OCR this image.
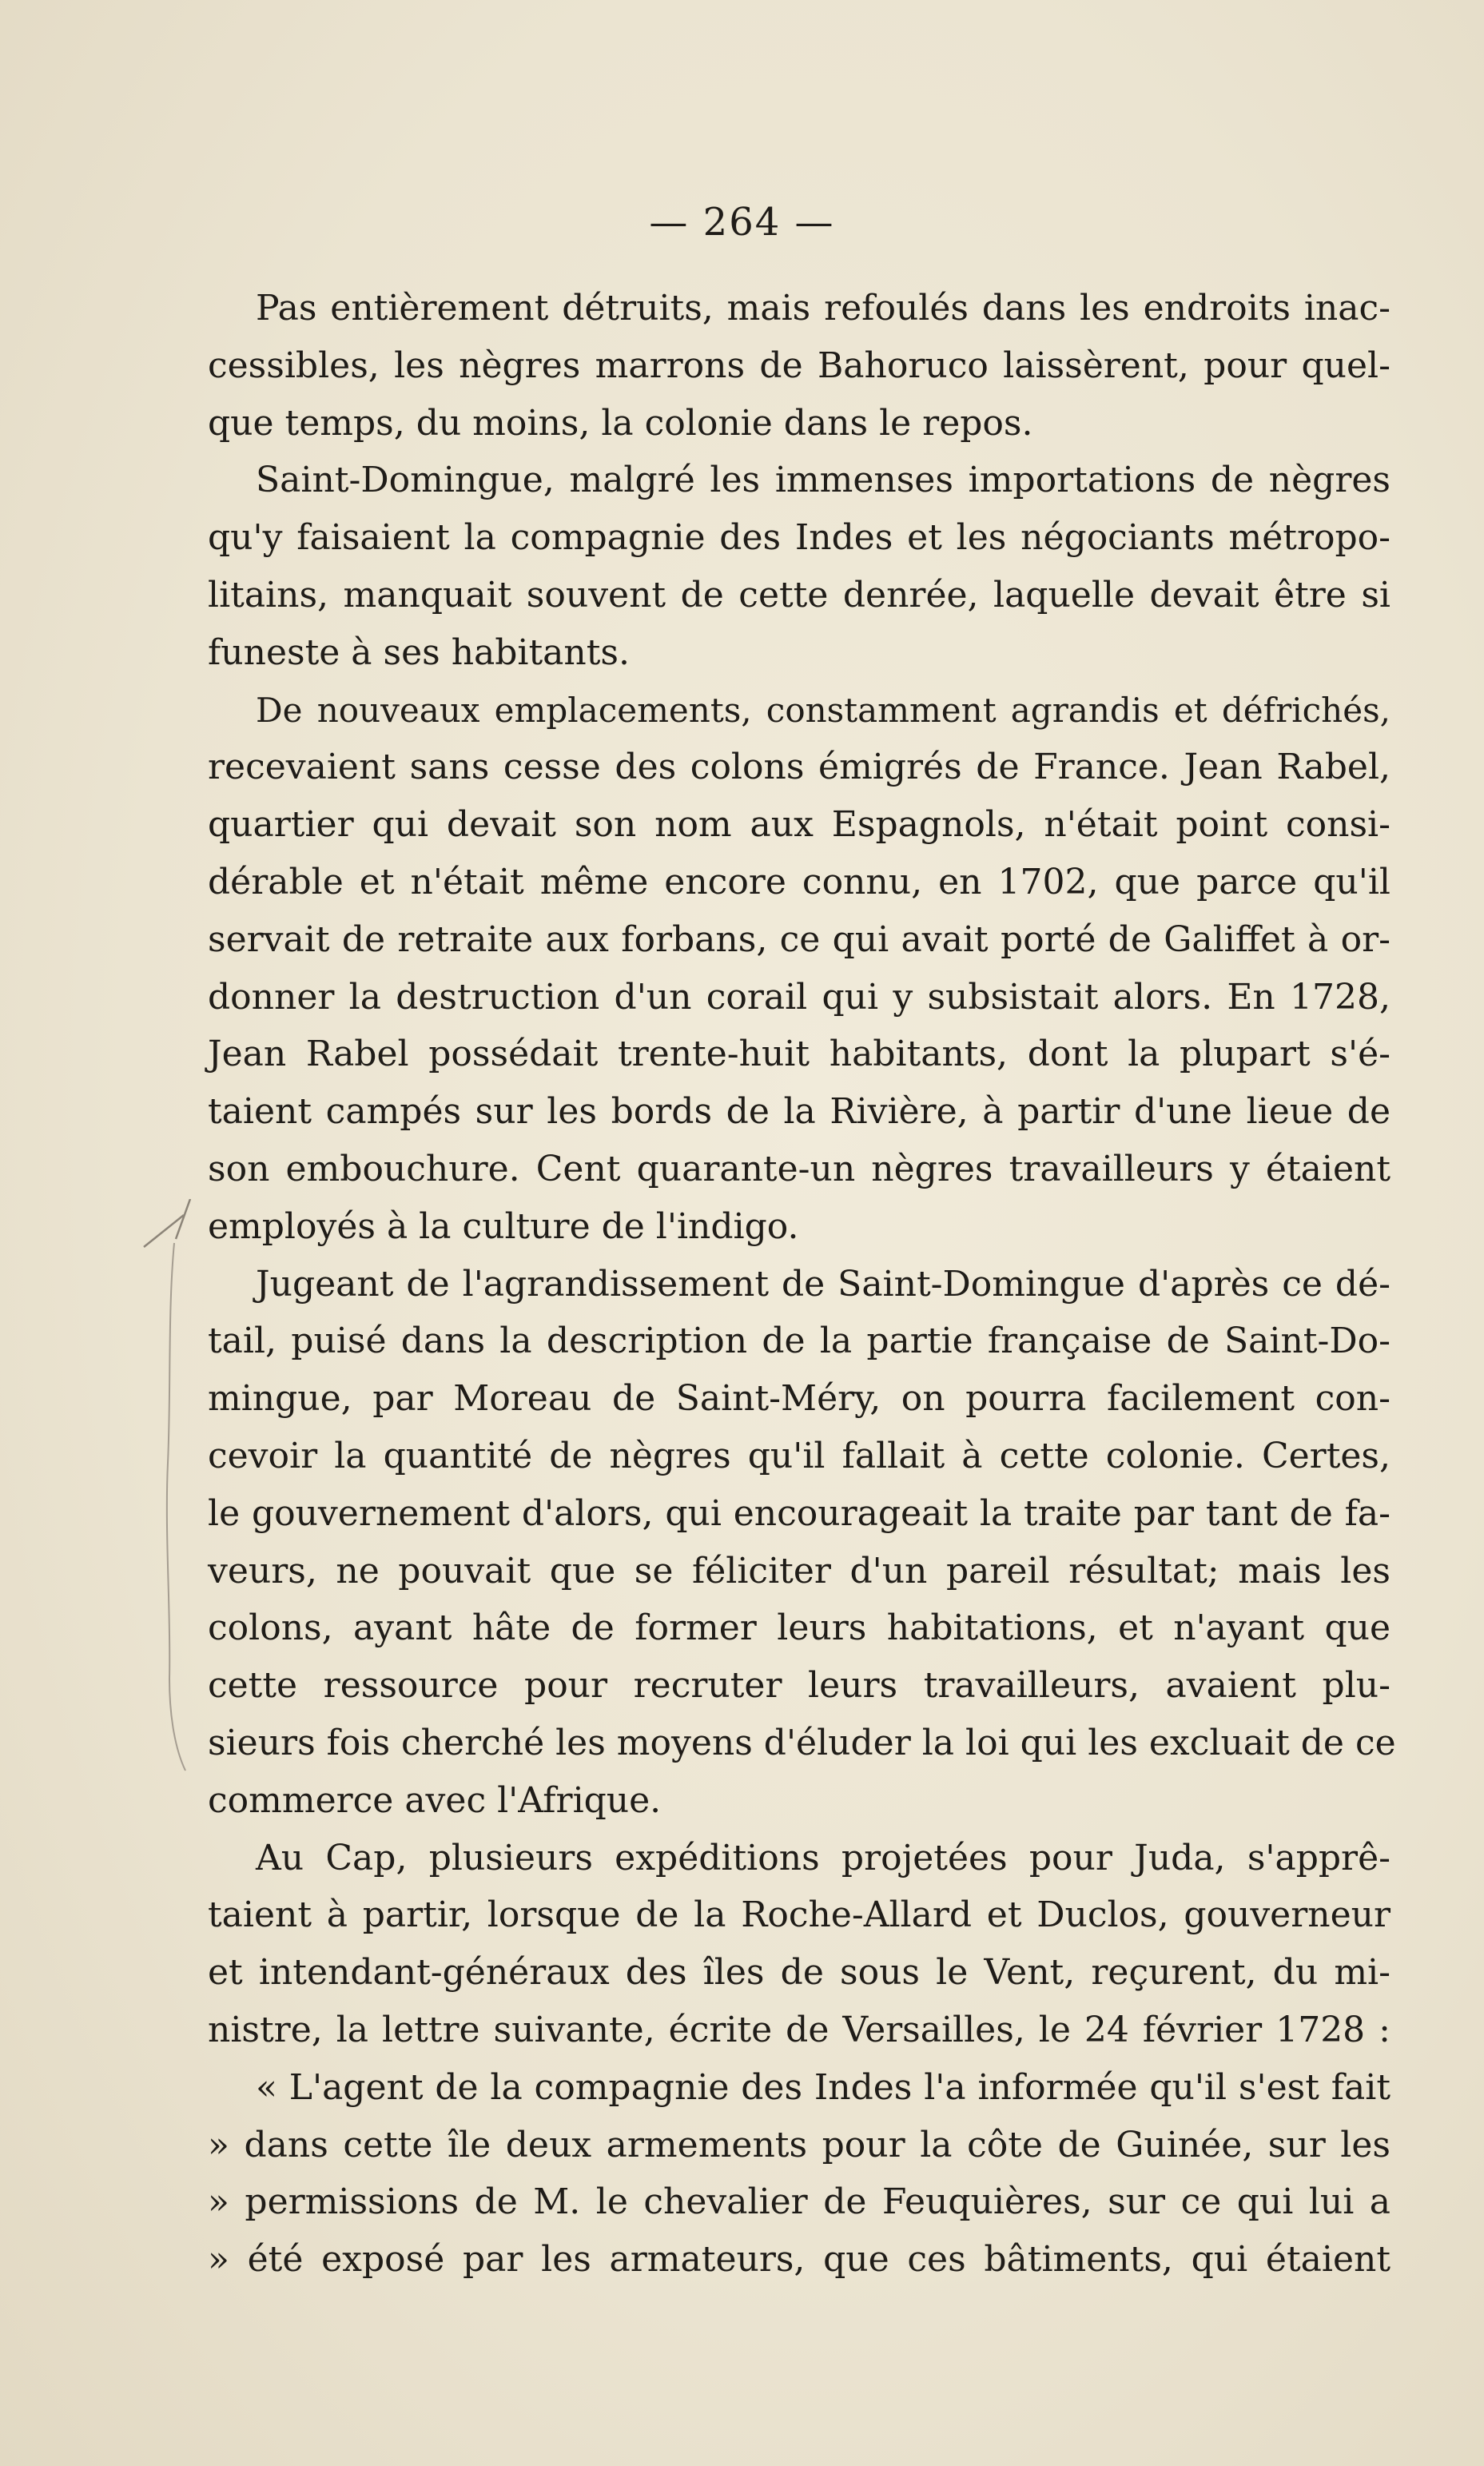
— 264 —
Pas entièrement détruits, mais refoulés dans les endroits inac-
cessibles, les nègres marrons de Bahoruco laissèrent, pour quel-
que temps, du moins, la colonie dans le repos.
Saint-Domingue, malgré les immenses importations de nègres
qu'y faisaient la compagnie des Indes et les négociants métropo-
litains, manquait souvent de cette denrée, laquelle devait être si
funeste à ses habitants.
De nouveaux emplacements, constamment agrandis et défrichés,
recevaient sans cesse des colons émigrés de France. Jean Rabel,
quartier qui devait son nom aux Espagnols, n'était point consi-
dérable et n'était même encore connu, en 1702, que parce qu'il
servait de retraite aux forbans, ce qui avait porté de Galiffet à or-
donner la destruction d'un corail qui y subsistait alors. En 1728,
Jean Rabel possédait trente-huit habitants, dont la plupart s'é-
taient campés sur les bords de la Rivière, à partir d'une lieue de
son embouchure. Cent quarante-un nègres travailleurs y étaient
employés à la culture de l'indigo.
Jugeant de l'agrandissement de Saint-Domingue d'après ce dé-
tail, puisé dans la description de la partie française de Saint-Do-
mingue, par Moreau de Saint-Méry, on pourra facilement con-
cevoir la quantité de nègres qu'il fallait à cette colonie. Certes,
le gouvernement d'alors, qui encourageait la traite par tant de fa-
veurs, ne pouvait que se féliciter d'un pareil résultat; mais les
colons, ayant hâte de former leurs habitations, et n'ayant que
cette ressource pour recruter leurs travailleurs, avaient plu-
sieurs fois cherché les moyens d'éluder la loi qui les excluait de ce
commerce avec l'Afrique.
Au Cap, plusieurs expéditions projetées pour Juda, s'apprê-
taient à partir, lorsque de la Roche-Allard et Duclos, gouverneur
et intendant-généraux des îles de sous le Vent, reçurent, du mi-
nistre, la lettre suivante, écrite de Versailles, le 24 février 1728 :
« L'agent de la compagnie des Indes l'a informée qu'il s'est fait
» dans cette île deux armements pour la côte de Guinée, sur les
» permissions de M. le chevalier de Feuquières, sur ce qui lui a
» été exposé par les armateurs, que ces bâtiments, qui étaient
